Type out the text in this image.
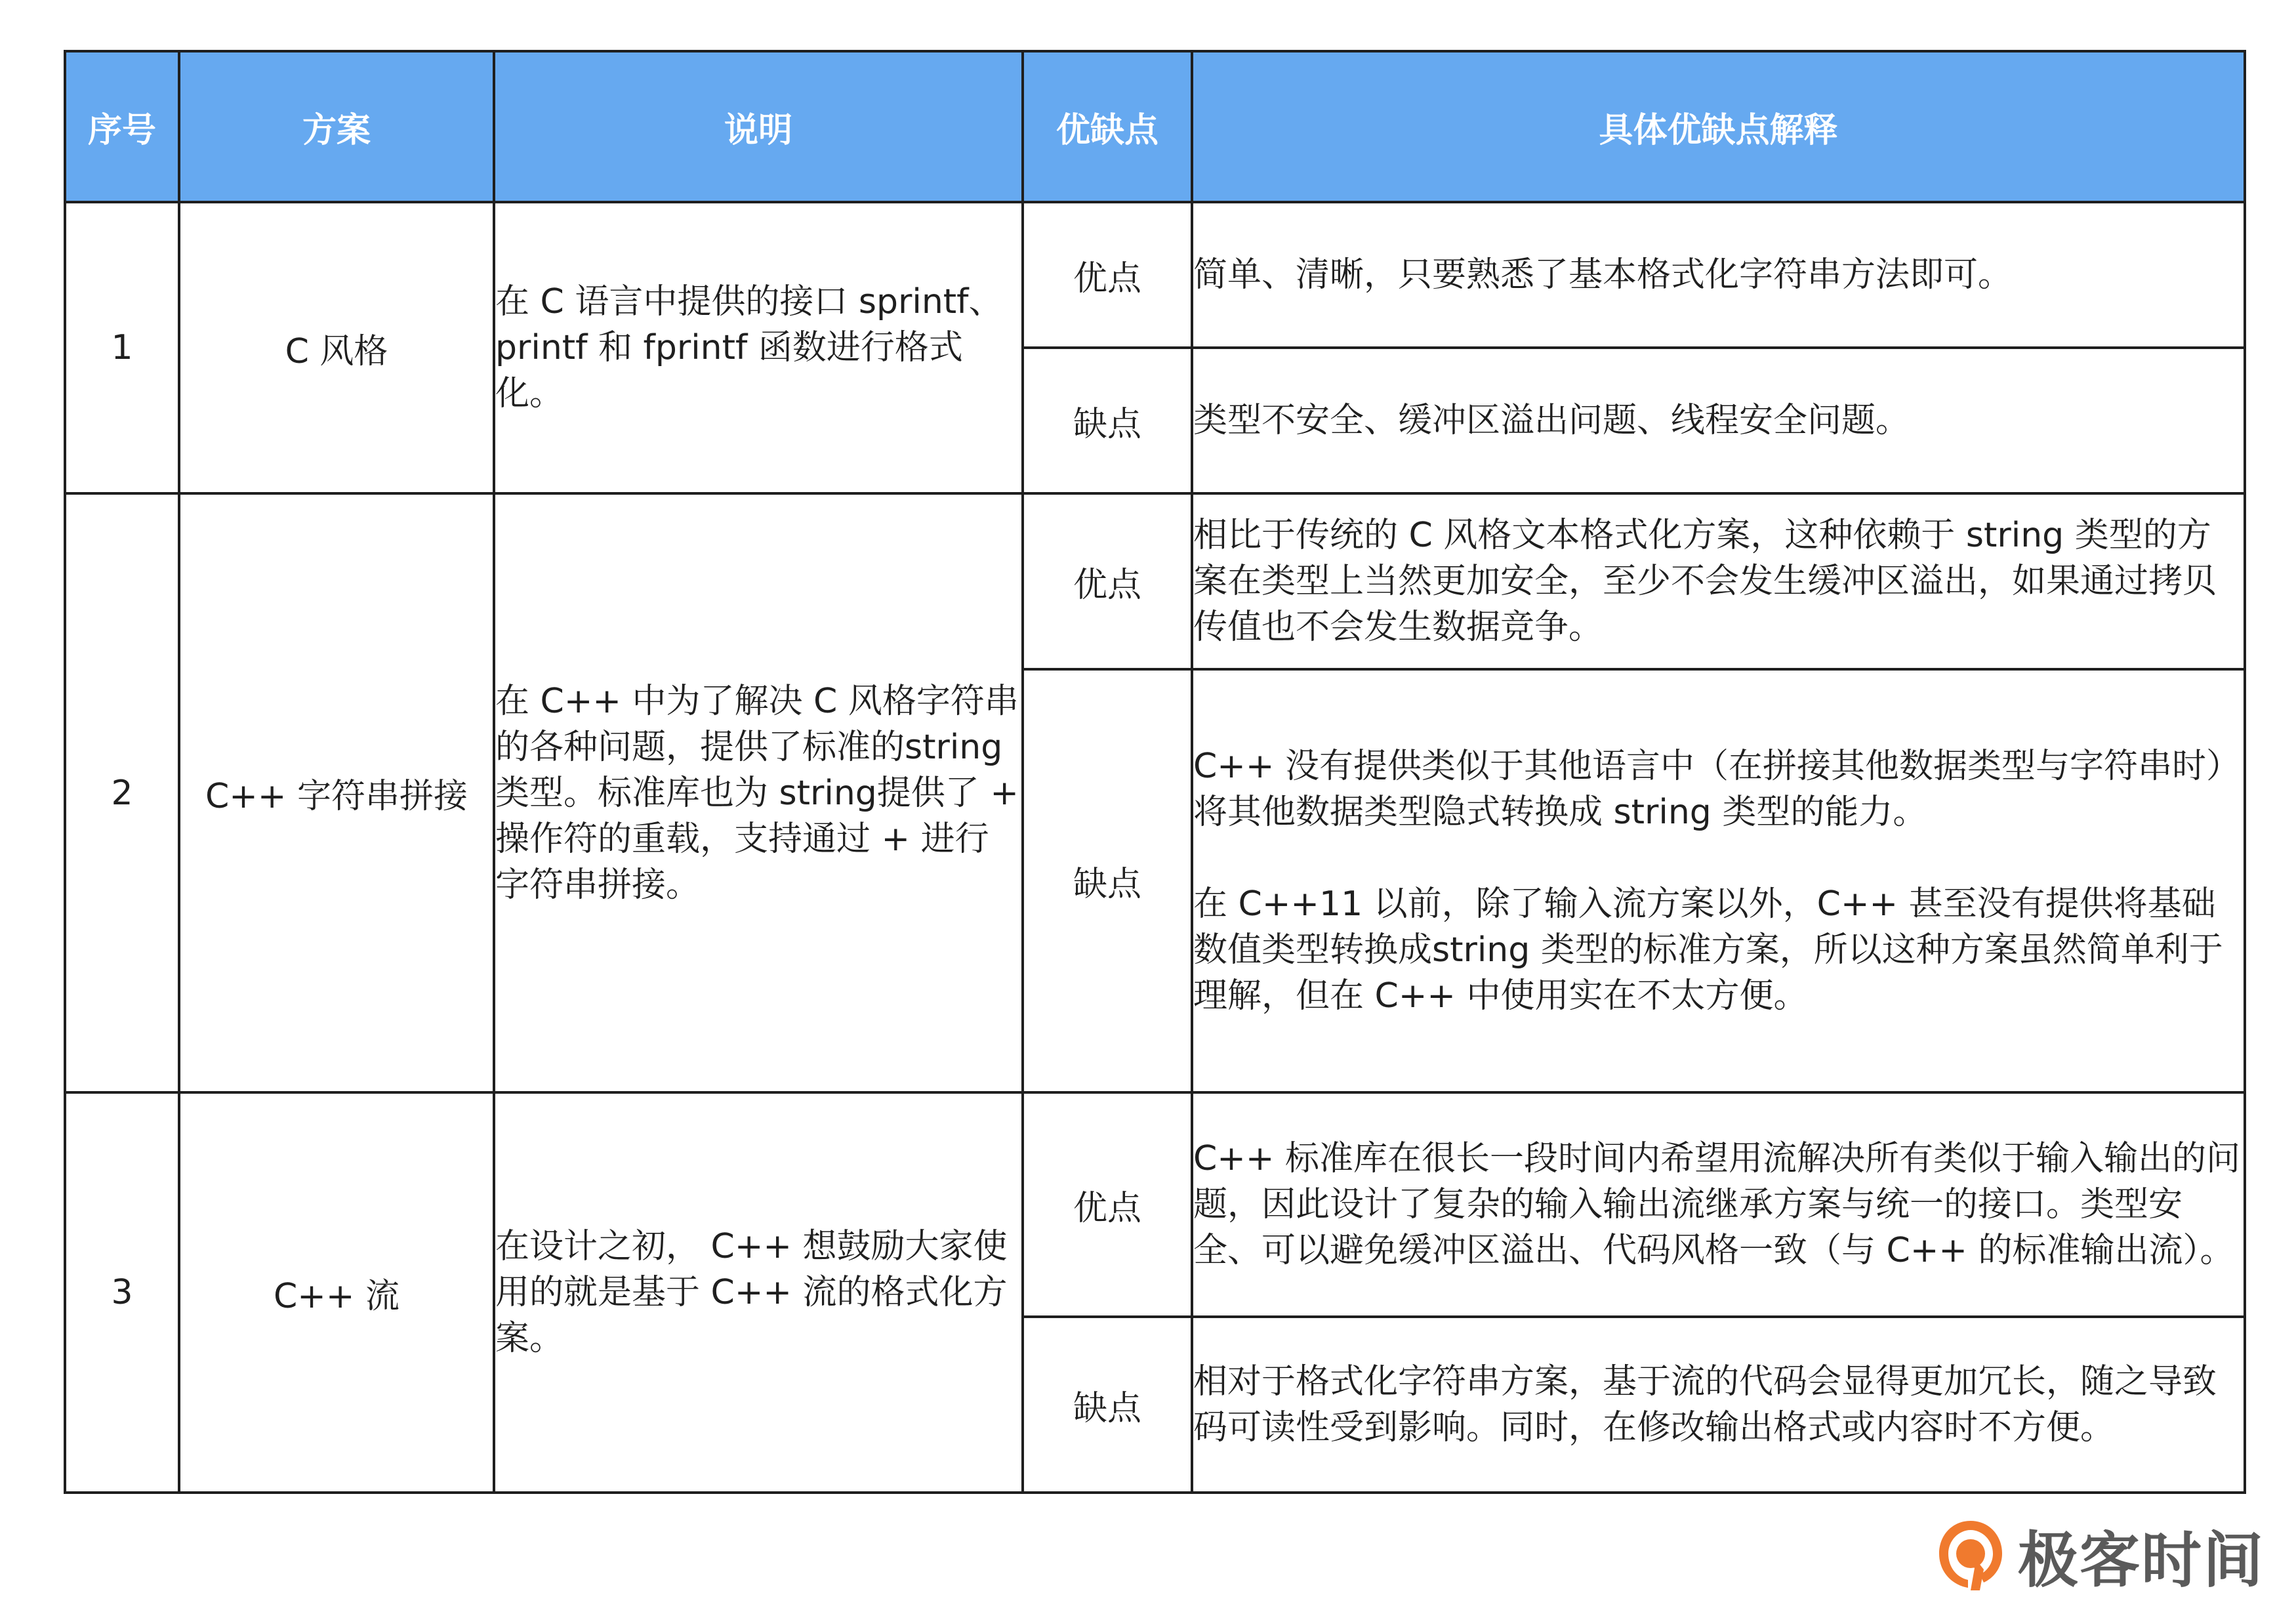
序号	方案	说明	优缺点	具体优缺点解释
1	C 风格	在 C 语言中提供的接口 sprintf、printf 和 fprintf 函数进行格式化。	优点	简单、清晰，只要熟悉了基本格式化字符串方法即可。

			缺点	类型不安全、缓冲区溢出问题、线程安全问题。

2	C++ 字符串拼接	在 C++ 中为了解决 C 风格字符串的各种问题，提供了标准的string 类型。标准库也为 string提供了 + 操作符的重载，支持通过 + 进行字符串拼接。	优点	相比于传统的 C 风格文本格式化方案，这种依赖于 string 类型的方案在类型上当然更加安全，至少不会发生缓冲区溢出，如果通过拷贝传值也不会发生数据竞争。

			缺点	C++ 没有提供类似于其他语言中（在拼接其他数据类型与字符串时）将其他数据类型隐式转换成 string 类型的能力。
在 C++11 以前，除了输入流方案以外，C++ 甚至没有提供将基础数值类型转换成string 类型的标准方案，所以这种方案虽然简单利于理解，但在 C++ 中使用实在不太方便。

3	C++ 流	在设计之初， C++ 想鼓励大家使用的就是基于 C++ 流的格式化方案。	优点	C++ 标准库在很长一段时间内希望用流解决所有类似于输入输出的问题，因此设计了复杂的输入输出流继承方案与统一的接口。类型安全、可以避免缓冲区溢出、代码风格一致（与 C++ 的标准输出流）。

			缺点	相对于格式化字符串方案，基于流的代码会显得更加冗长，随之导致码可读性受到影响。同时，在修改输出格式或内容时不方便。
极客时间
